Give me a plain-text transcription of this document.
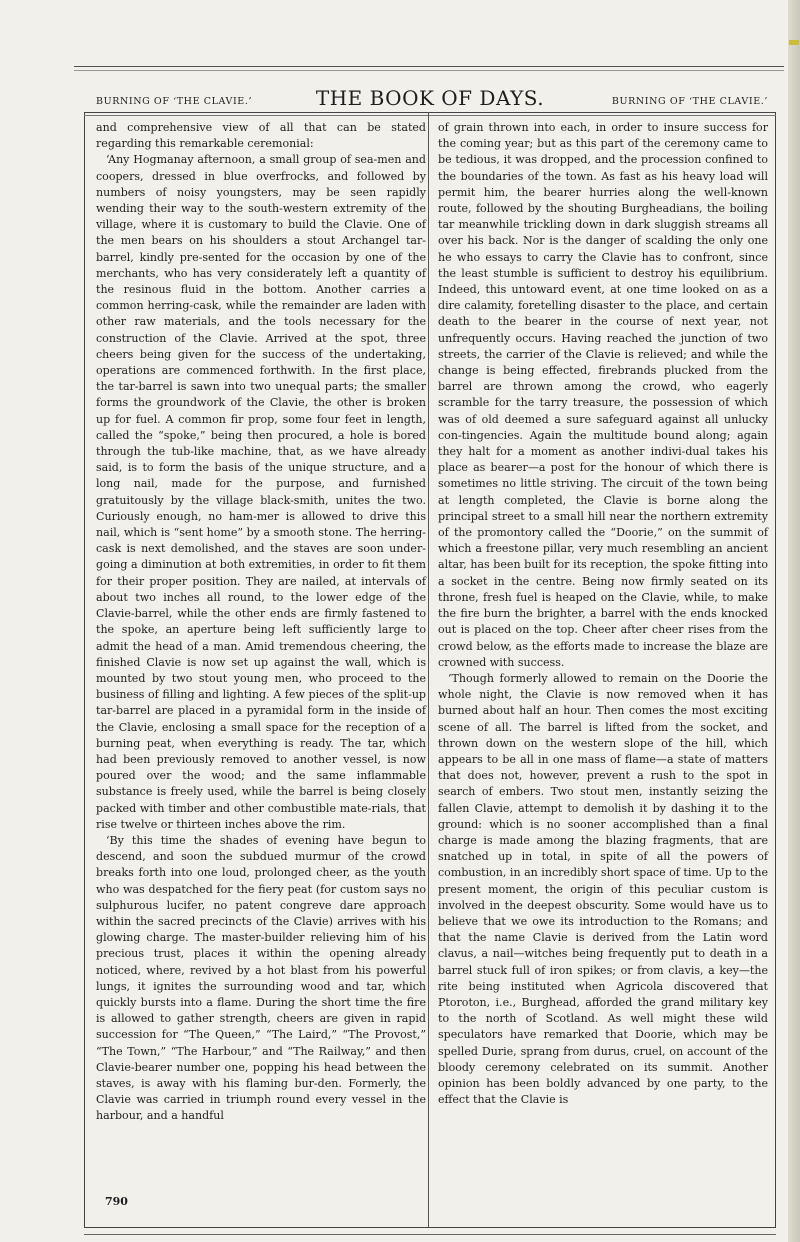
BURNING OF ‘THE CLAVIE.’	THE BOOK OF DAYS.	BURNING OF ‘THE CLAVIE.’

and comprehensive view of all that can be stated regarding this remarkable ceremonial:

‘Any Hogmanay afternoon, a small group of sea-men and coopers, dressed in blue overfrocks, and followed by numbers of noisy youngsters, may be seen rapidly wending their way to the south-western extremity of the village, where it is customary to build the Clavie. One of the men bears on his shoulders a stout Archangel tar-barrel, kindly pre-sented for the occasion by one of the merchants, who has very considerately left a quantity of the resinous fluid in the bottom. Another carries a common herring-cask, while the remainder are laden with other raw materials, and the tools necessary for the construction of the Clavie. Arrived at the spot, three cheers being given for the success of the undertaking, operations are commenced forthwith. In the first place, the tar-barrel is sawn into two unequal parts; the smaller forms the groundwork of the Clavie, the other is broken up for fuel. A common fir prop, some four feet in length, called the “spoke,” being then procured, a hole is bored through the tub-like machine, that, as we have already said, is to form the basis of the unique structure, and a long nail, made for the purpose, and furnished gratuitously by the village black-smith, unites the two. Curiously enough, no ham-mer is allowed to drive this nail, which is “sent home” by a smooth stone. The herring-cask is next demolished, and the staves are soon under-going a diminution at both extremities, in order to fit them for their proper position. They are nailed, at intervals of about two inches all round, to the lower edge of the Clavie-barrel, while the other ends are firmly fastened to the spoke, an aperture being left sufficiently large to admit the head of a man. Amid tremendous cheering, the finished Clavie is now set up against the wall, which is mounted by two stout young men, who proceed to the business of filling and lighting. A few pieces of the split-up tar-barrel are placed in a pyramidal form in the inside of the Clavie, enclosing a small space for the reception of a burning peat, when everything is ready. The tar, which had been previously removed to another vessel, is now poured over the wood; and the same inflammable substance is freely used, while the barrel is being closely packed with timber and other combustible mate-rials, that rise twelve or thirteen inches above the rim.

‘By this time the shades of evening have begun to descend, and soon the subdued murmur of the crowd breaks forth into one loud, prolonged cheer, as the youth who was despatched for the fiery peat (for custom says no sulphurous lucifer, no patent congreve dare approach within the sacred precincts of the Clavie) arrives with his glowing charge. The master-builder relieving him of his precious trust, places it within the opening already noticed, where, revived by a hot blast from his powerful lungs, it ignites the surrounding wood and tar, which quickly bursts into a flame. During the short time the fire is allowed to gather strength, cheers are given in rapid succession for “The Queen,” “The Laird,” “The Provost,” “The Town,” “The Harbour,” and “The Railway,” and then Clavie-bearer number one, popping his head between the staves, is away with his flaming bur-den. Formerly, the Clavie was carried in triumph round every vessel in the harbour, and a handful

of grain thrown into each, in order to insure success for the coming year; but as this part of the ceremony came to be tedious, it was dropped, and the procession confined to the boundaries of the town. As fast as his heavy load will permit him, the bearer hurries along the well-known route, followed by the shouting Burgheadians, the boiling tar meanwhile trickling down in dark sluggish streams all over his back. Nor is the danger of scalding the only one he who essays to carry the Clavie has to confront, since the least stumble is sufficient to destroy his equilibrium. Indeed, this untoward event, at one time looked on as a dire calamity, foretelling disaster to the place, and certain death to the bearer in the course of next year, not unfrequently occurs. Having reached the junction of two streets, the carrier of the Clavie is relieved; and while the change is being effected, firebrands plucked from the barrel are thrown among the crowd, who eagerly scramble for the tarry treasure, the possession of which was of old deemed a sure safeguard against all unlucky con-tingencies. Again the multitude bound along; again they halt for a moment as another indivi-dual takes his place as bearer—a post for the honour of which there is sometimes no little striving. The circuit of the town being at length completed, the Clavie is borne along the principal street to a small hill near the northern extremity of the promontory called the “Doorie,” on the summit of which a freestone pillar, very much resembling an ancient altar, has been built for its reception, the spoke fitting into a socket in the centre. Being now firmly seated on its throne, fresh fuel is heaped on the Clavie, while, to make the fire burn the brighter, a barrel with the ends knocked out is placed on the top. Cheer after cheer rises from the crowd below, as the efforts made to increase the blaze are crowned with success.

‘Though formerly allowed to remain on the Doorie the whole night, the Clavie is now removed when it has burned about half an hour. Then comes the most exciting scene of all. The barrel is lifted from the socket, and thrown down on the western slope of the hill, which appears to be all in one mass of flame—a state of matters that does not, however, prevent a rush to the spot in search of embers. Two stout men, instantly seizing the fallen Clavie, attempt to demolish it by dashing it to the ground: which is no sooner accomplished than a final charge is made among the blazing fragments, that are snatched up in total, in spite of all the powers of combustion, in an incredibly short space of time. Up to the present moment, the origin of this peculiar custom is involved in the deepest obscurity. Some would have us to believe that we owe its introduction to the Romans; and that the name Clavie is derived from the Latin word clavus, a nail—witches being frequently put to death in a barrel stuck full of iron spikes; or from clavis, a key—the rite being instituted when Agricola discovered that Ptoroton, i.e., Burghead, afforded the grand military key to the north of Scotland. As well might these wild speculators have remarked that Doorie, which may be spelled Durie, sprang from durus, cruel, on account of the bloody ceremony celebrated on its summit. Another opinion has been boldly advanced by one party, to the effect that the Clavie is

790
